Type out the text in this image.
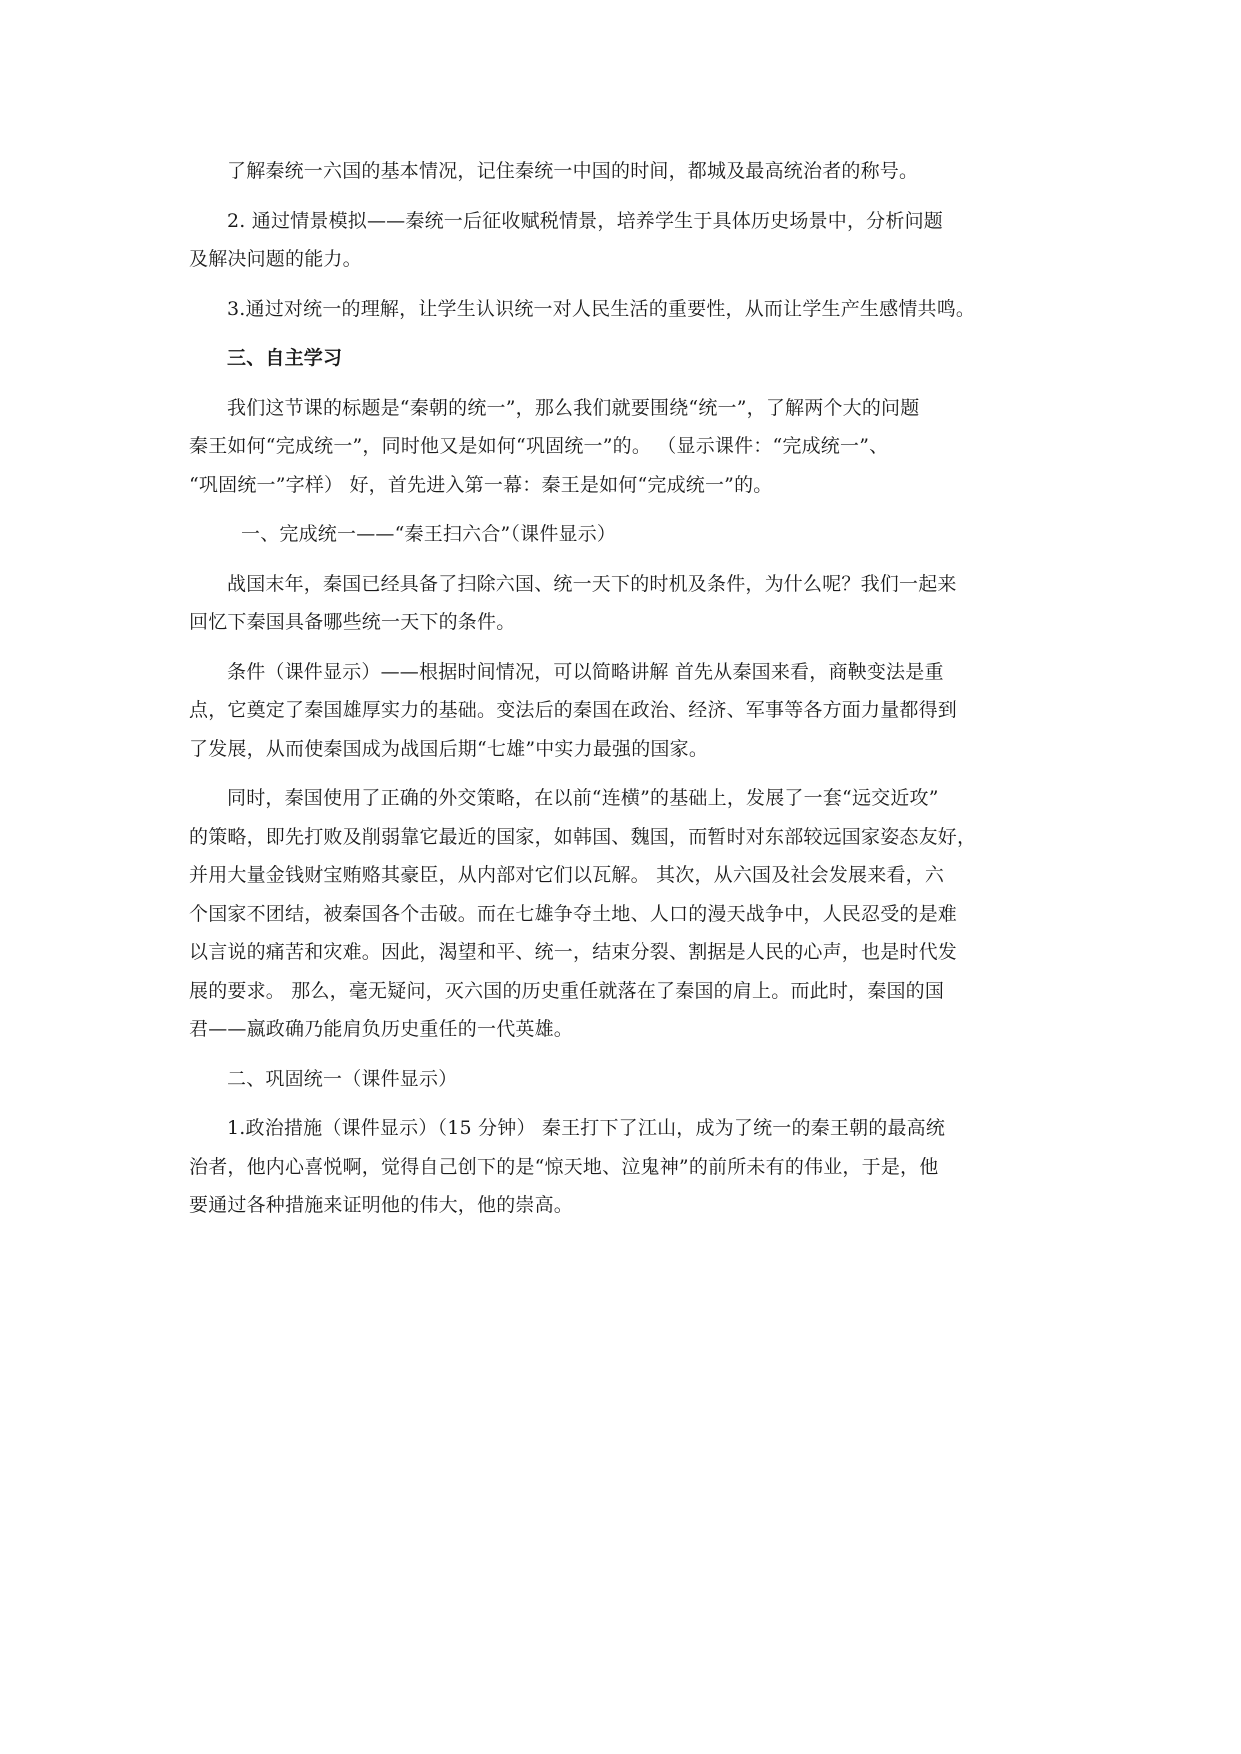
了解秦统一六国的基本情况，记住秦统一中国的时间，都城及最高统治者的称号。

2. 通过情景模拟——秦统一后征收赋税情景，培养学生于具体历史场景中，分析问题
及解决问题的能力。

3.通过对统一的理解，让学生认识统一对人民生活的重要性，从而让学生产生感情共鸣。

三、自主学习

我们这节课的标题是“秦朝的统一”，那么我们就要围绕“统一”，了解两个大的问题
秦王如何“完成统一”，同时他又是如何“巩固统一”的。 （显示课件：“完成统一”、
“巩固统一”字样） 好，首先进入第一幕：秦王是如何“完成统一”的。

一、完成统一——“秦王扫六合”（课件显示）

战国末年，秦国已经具备了扫除六国、统一天下的时机及条件，为什么呢？我们一起来
回忆下秦国具备哪些统一天下的条件。

条件（课件显示）——根据时间情况，可以简略讲解 首先从秦国来看，商鞅变法是重
点，它奠定了秦国雄厚实力的基础。变法后的秦国在政治、经济、军事等各方面力量都得到
了发展，从而使秦国成为战国后期“七雄”中实力最强的国家。

同时，秦国使用了正确的外交策略，在以前“连横”的基础上，发展了一套“远交近攻”
的策略，即先打败及削弱靠它最近的国家，如韩国、魏国，而暂时对东部较远国家姿态友好，
并用大量金钱财宝贿赂其豪臣，从内部对它们以瓦解。 其次，从六国及社会发展来看，六
个国家不团结，被秦国各个击破。而在七雄争夺土地、人口的漫天战争中，人民忍受的是难
以言说的痛苦和灾难。因此，渴望和平、统一，结束分裂、割据是人民的心声，也是时代发
展的要求。 那么，毫无疑问，灭六国的历史重任就落在了秦国的肩上。而此时，秦国的国
君——嬴政确乃能肩负历史重任的一代英雄。

二、巩固统一（课件显示）

1.政治措施（课件显示）（15 分钟） 秦王打下了江山，成为了统一的秦王朝的最高统
治者，他内心喜悦啊，觉得自己创下的是“惊天地、泣鬼神”的前所未有的伟业，于是，他
要通过各种措施来证明他的伟大，他的崇高。
